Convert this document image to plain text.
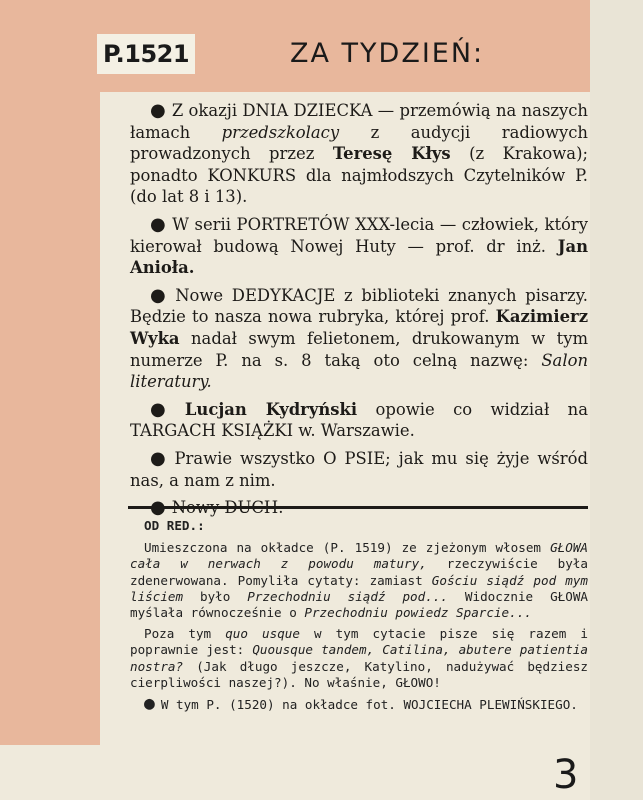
P.1521	ZA TYDZIEŃ:

● Z okazji DNIA DZIECKA — przemówią na naszych łamach przedszkolacy z audycji radiowych prowadzonych przez Teresę Kłys (z Krakowa); ponadto KONKURS dla najmłodszych Czytelników P. (do lat 8 i 13).

● W serii PORTRETÓW XXX-lecia — człowiek, który kierował budową Nowej Huty — prof. dr inż. Jan Anioła.

● Nowe DEDYKACJE z biblioteki znanych pisarzy. Będzie to nasza nowa rubryka, której prof. Kazimierz Wyka nadał swym felietonem, drukowanym w tym numerze P. na s. 8 taką oto celną nazwę: Salon literatury.

● Lucjan Kydryński opowie co widział na TARGACH KSIĄŻKI w. Warszawie.

● Prawie wszystko O PSIE; jak mu się żyje wśród nas, a nam z nim.

OD RED.:

Umieszczona na okładce (P. 1519) ze zjeżonym włosem GŁOWA cała w nerwach z powodu matury, rzeczywiście była zdenerwowana. Pomyliła cytaty: zamiast Gościu siądź pod mym liściem było Przechodniu siądź pod... Widocznie GŁOWA myślała równocześnie o Przechodniu powiedz Sparcie...

Poza tym quo usque w tym cytacie pisze się razem i poprawnie jest: Quousque tandem, Catilina, abutere patientia nostra? (Jak długo jeszcze, Katylino, nadużywać będziesz cierpliwości naszej?). No właśnie, GŁOWO!

● W tym P. (1520) na okładce fot. WOJCIECHA PLEWIŃSKIEGO.

3
